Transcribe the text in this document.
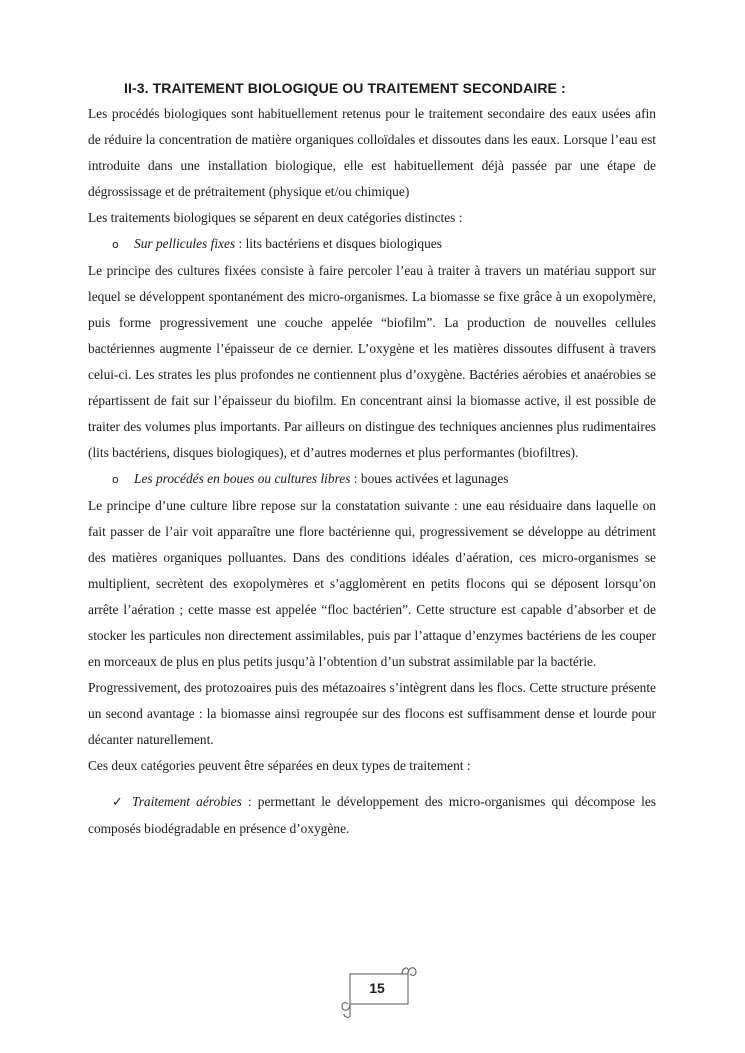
II-3. TRAITEMENT BIOLOGIQUE OU TRAITEMENT SECONDAIRE :

Les procédés biologiques sont habituellement retenus pour le traitement secondaire des eaux usées afin de réduire la concentration de matière organiques colloïdales et dissoutes dans les eaux. Lorsque l’eau est introduite dans une installation biologique, elle est habituellement déjà passée par une étape de dégrossissage et de prétraitement (physique et/ou chimique)

Les traitements biologiques se séparent en deux catégories distinctes :

o Sur pellicules fixes : lits bactériens et disques biologiques

Le principe des cultures fixées consiste à faire percoler l’eau à traiter à travers un matériau support sur lequel se développent spontanément des micro-organismes. La biomasse se fixe grâce à un exopolymère, puis forme progressivement une couche appelée “biofilm”. La production de nouvelles cellules bactériennes augmente l’épaisseur de ce dernier. L’oxygène et les matières dissoutes diffusent à travers celui-ci. Les strates les plus profondes ne contiennent plus d’oxygène. Bactéries aérobies et anaérobies se répartissent de fait sur l’épaisseur du biofilm. En concentrant ainsi la biomasse active, il est possible de traiter des volumes plus importants. Par ailleurs on distingue des techniques anciennes plus rudimentaires (lits bactériens, disques biologiques), et d’autres modernes et plus performantes (biofiltres).

o Les procédés en boues ou cultures libres : boues activées et lagunages

Le principe d’une culture libre repose sur la constatation suivante : une eau résiduaire dans laquelle on fait passer de l’air voit apparaître une flore bactérienne qui, progressivement se développe au détriment des matières organiques polluantes. Dans des conditions idéales d’aération, ces micro-organismes se multiplient, secrètent des exopolymères et s’agglomèrent en petits flocons qui se déposent lorsqu’on arrête l’aération ; cette masse est appelée “floc bactérien”. Cette structure est capable d’absorber et de stocker les particules non directement assimilables, puis par l’attaque d’enzymes bactériens de les couper en morceaux de plus en plus petits jusqu’à l’obtention d’un substrat assimilable par la bactérie.

Progressivement, des protozoaires puis des métazoaires s’intègrent dans les flocs. Cette structure présente un second avantage : la biomasse ainsi regroupée sur des flocons est suffisamment dense et lourde pour décanter naturellement.

Ces deux catégories peuvent être séparées en deux types de traitement :

✓ Traitement aérobies : permettant le développement des micro-organismes qui décompose les composés biodégradable en présence d’oxygène.
15
